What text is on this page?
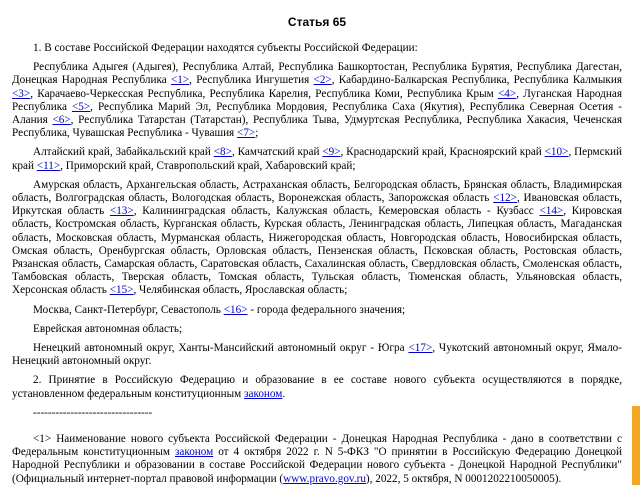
Статья 65

1. В составе Российской Федерации находятся субъекты Российской Федерации:

Республика Адыгея (Адыгея), Республика Алтай, Республика Башкортостан, Республика Бурятия, Республика Дагестан, Донецкая Народная Республика <1>, Республика Ингушетия <2>, Кабардино-Балкарская Республика, Республика Калмыкия <3>, Карачаево-Черкесская Республика, Республика Карелия, Республика Коми, Республика Крым <4>, Луганская Народная Республика <5>, Республика Марий Эл, Республика Мордовия, Республика Саха (Якутия), Республика Северная Осетия - Алания <6>, Республика Татарстан (Татарстан), Республика Тыва, Удмуртская Республика, Республика Хакасия, Чеченская Республика, Чувашская Республика - Чувашия <7>;

Алтайский край, Забайкальский край <8>, Камчатский край <9>, Краснодарский край, Красноярский край <10>, Пермский край <11>, Приморский край, Ставропольский край, Хабаровский край;

Амурская область, Архангельская область, Астраханская область, Белгородская область, Брянская область, Владимирская область, Волгоградская область, Вологодская область, Воронежская область, Запорожская область <12>, Ивановская область, Иркутская область <13>, Калининградская область, Калужская область, Кемеровская область - Кузбасс <14>, Кировская область, Костромская область, Курганская область, Курская область, Ленинградская область, Липецкая область, Магаданская область, Московская область, Мурманская область, Нижегородская область, Новгородская область, Новосибирская область, Омская область, Оренбургская область, Орловская область, Пензенская область, Псковская область, Ростовская область, Рязанская область, Самарская область, Саратовская область, Сахалинская область, Свердловская область, Смоленская область, Тамбовская область, Тверская область, Томская область, Тульская область, Тюменская область, Ульяновская область, Херсонская область <15>, Челябинская область, Ярославская область;

Москва, Санкт-Петербург, Севастополь <16> - города федерального значения;

Еврейская автономная область;

Ненецкий автономный округ, Ханты-Мансийский автономный округ - Югра <17>, Чукотский автономный округ, Ямало-Ненецкий автономный округ.

2. Принятие в Российскую Федерацию и образование в ее составе нового субъекта осуществляются в порядке, установленном федеральным конституционным законом.

--------------------------------

<1> Наименование нового субъекта Российской Федерации - Донецкая Народная Республика - дано в соответствии с Федеральным конституционным законом от 4 октября 2022 г. N 5-ФКЗ "О принятии в Российскую Федерацию Донецкой Народной Республики и образовании в составе Российской Федерации нового субъекта - Донецкой Народной Республики" (Официальный интернет-портал правовой информации (www.pravo.gov.ru), 2022, 5 октября, N 0001202210050005).
